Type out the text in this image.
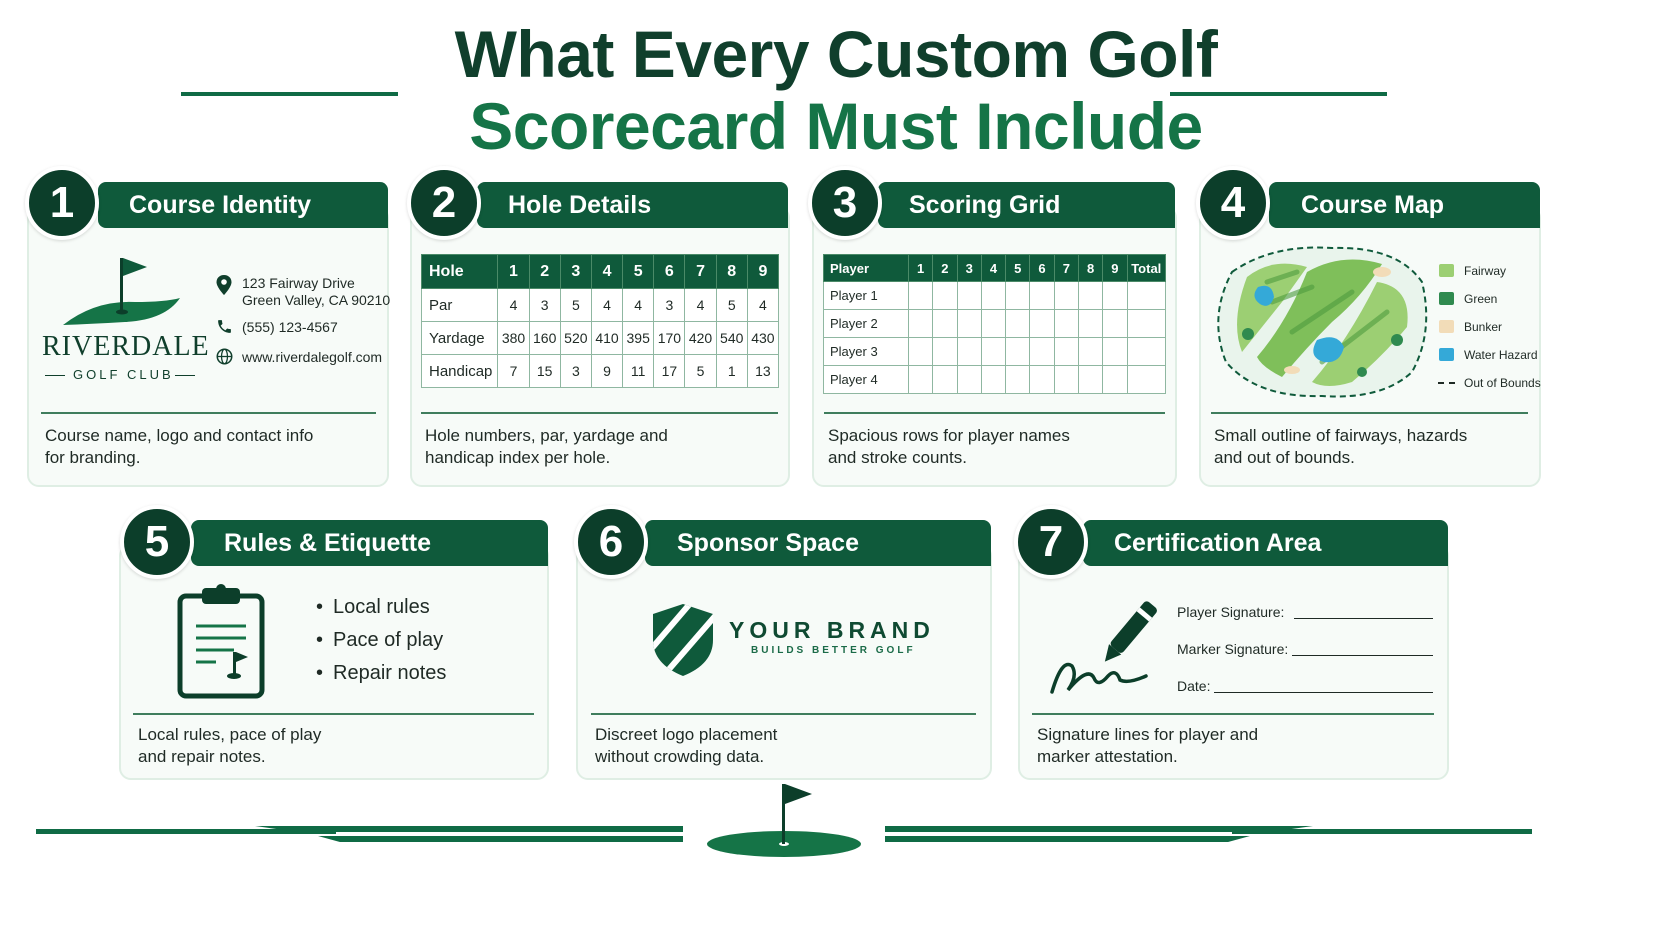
What Every Custom Golf
Scorecard Must Include
Course Identity
1
RIVERDALE
GOLF CLUB
123 Fairway Drive
Green Valley, CA 90210
(555) 123-4567
www.riverdalegolf.com
Course name, logo and contact info
for branding.
Hole Details
2
Hole	1	2	3	4	5	6	7	8	9
Par	4	3	5	4	4	3	4	5	4
Yardage	380	160	520	410	395	170	420	540	430
Handicap	7	15	3	9	11	17	5	1	13
Hole numbers, par, yardage and
handicap index per hole.
Scoring Grid
3
Player	1	2	3	4	5	6	7	8	9	Total
Player 1										
Player 2										
Player 3										
Player 4										
Spacious rows for player names
and stroke counts.
Course Map
4
Fairway
Green
Bunker
Water Hazard
Out of Bounds
Small outline of fairways, hazards
and out of bounds.
Rules & Etiquette
5
• Local rules
• Pace of play
• Repair notes
Local rules, pace of play
and repair notes.
Sponsor Space
6
YOUR BRAND
BUILDS BETTER GOLF
Discreet logo placement
without crowding data.
Certification Area
7
Player Signature:
Marker Signature:
Date:
Signature lines for player and
marker attestation.
